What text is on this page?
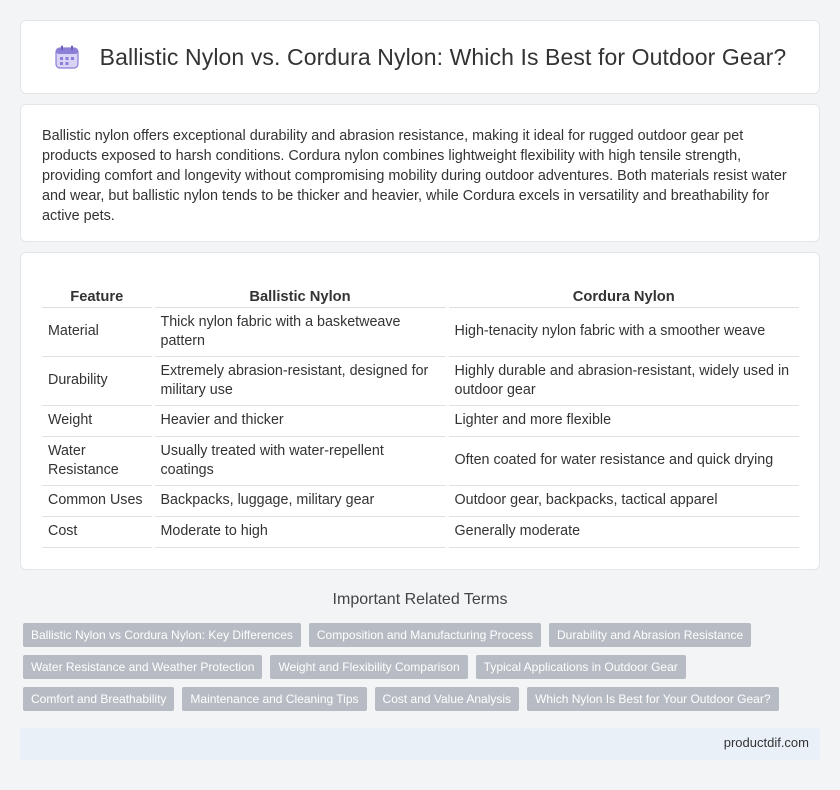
Ballistic Nylon vs. Cordura Nylon: Which Is Best for Outdoor Gear?

Ballistic nylon offers exceptional durability and abrasion resistance, making it ideal for rugged outdoor gear pet products exposed to harsh conditions. Cordura nylon combines lightweight flexibility with high tensile strength, providing comfort and longevity without compromising mobility during outdoor adventures. Both materials resist water and wear, but ballistic nylon tends to be thicker and heavier, while Cordura excels in versatility and breathability for active pets.

Feature	Ballistic Nylon	Cordura Nylon
Material	Thick nylon fabric with a basketweave pattern	High-tenacity nylon fabric with a smoother weave
Durability	Extremely abrasion-resistant, designed for military use	Highly durable and abrasion-resistant, widely used in outdoor gear
Weight	Heavier and thicker	Lighter and more flexible
Water Resistance	Usually treated with water-repellent coatings	Often coated for water resistance and quick drying
Common Uses	Backpacks, luggage, military gear	Outdoor gear, backpacks, tactical apparel
Cost	Moderate to high	Generally moderate
Important Related Terms
Ballistic Nylon vs Cordura Nylon: Key Differences	Composition and Manufacturing Process	Durability and Abrasion Resistance
Water Resistance and Weather Protection	Weight and Flexibility Comparison	Typical Applications in Outdoor Gear
Comfort and Breathability	Maintenance and Cleaning Tips	Cost and Value Analysis	Which Nylon Is Best for Your Outdoor Gear?
productdif.com
